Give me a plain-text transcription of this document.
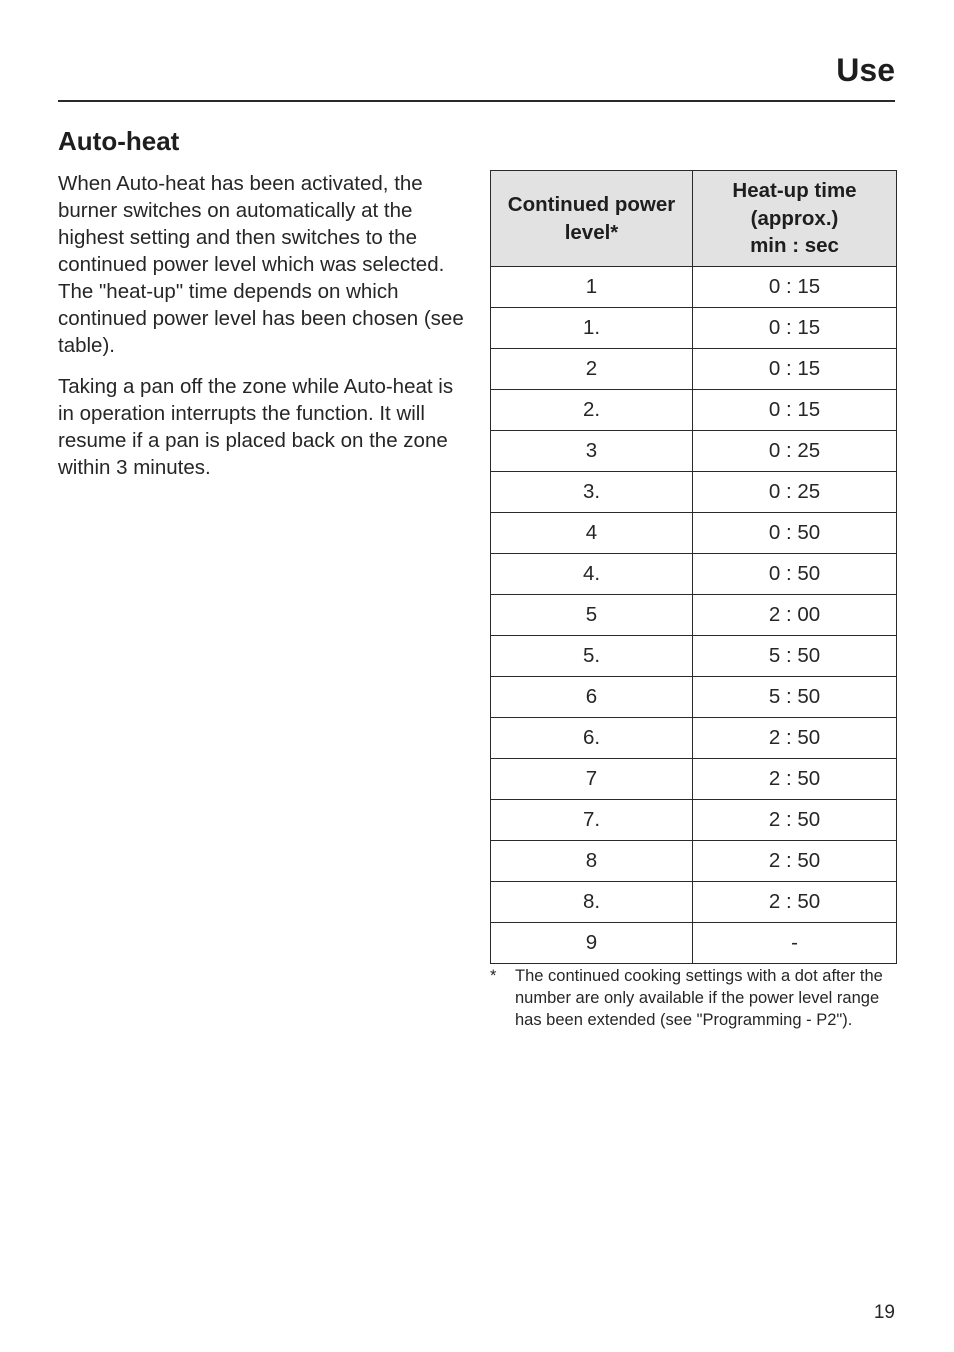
Use
Auto-heat

When Auto-heat has been activated, the burner switches on automatically at the highest setting and then switches to the continued power level which was selected. The "heat-up" time depends on which continued power level has been chosen (see table).

Taking a pan off the zone while Auto-heat is in operation interrupts the function. It will resume if a pan is placed back on the zone within 3 minutes.

Continued power level*	Heat-up time
(approx.)
min : sec
1	0 : 15
1.	0 : 15
2	0 : 15
2.	0 : 15
3	0 : 25
3.	0 : 25
4	0 : 50
4.	0 : 50
5	2 : 00
5.	5 : 50
6	5 : 50
6.	2 : 50
7	2 : 50
7.	2 : 50
8	2 : 50
8.	2 : 50
9	-
* The continued cooking settings with a dot after the number are only available if the power level range has been extended (see "Programming - P2").
19
